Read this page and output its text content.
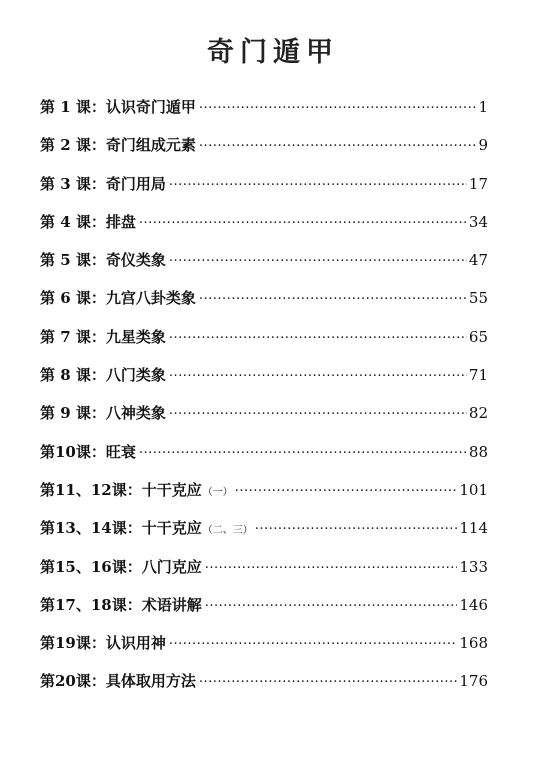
奇门遁甲
第 1 课：认识奇门遁甲 .....	1
第 2 课：奇门组成元素 .....	9
第 3 课：奇门用局 .....	17
第 4 课：排盘 .....	34
第 5 课：奇仪类象 .....	47
第 6 课：九宫八卦类象 .....	55
第 7 课：九星类象 .....	65
第 8 课：八门类象 .....	71
第 9 课：八神类象 .....	82
第10课：旺衰 .....	88
第11、12课：十干克应 （一） .....	101
第13、14课：十干克应 （二、三） .....	114
第15、16课：八门克应 .....	133
第17、18课：术语讲解 .....	146
第19课：认识用神 .....	168
第20课：具体取用方法 .....	176
